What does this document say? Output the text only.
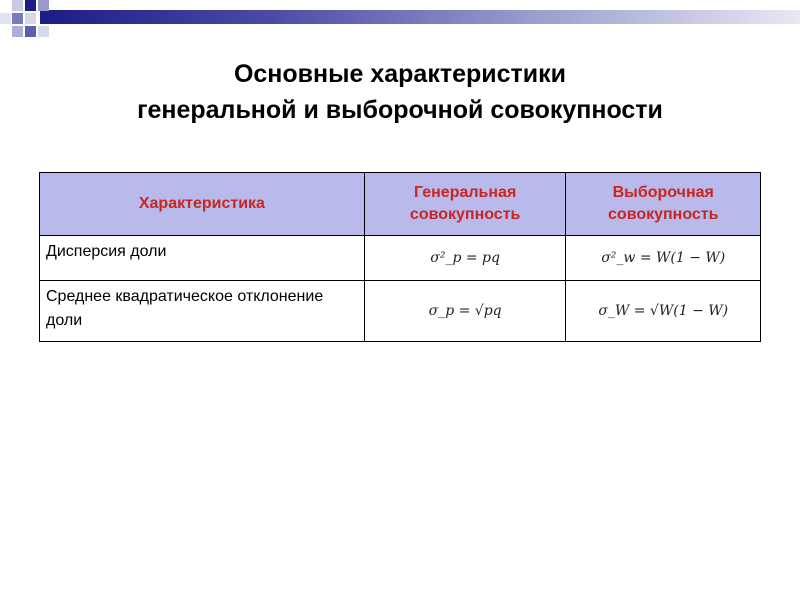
Основные характеристики
генеральной и выборочной совокупности
Характеристика	Генеральная совокупность	Выборочная совокупность
Дисперсия доли	σ²_p = pq	σ²_w = W(1 − W)
Среднее квадратическое отклонение доли	σ_p = √pq	σ_W = √W(1 − W)
